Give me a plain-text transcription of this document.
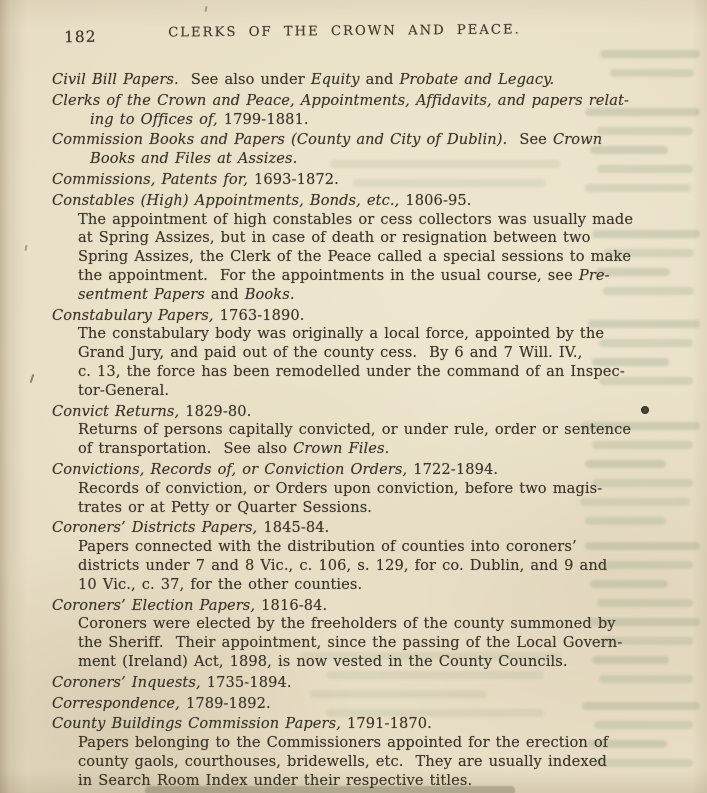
182	CLERKS OF THE CROWN AND PEACE.
Civil Bill Papers.  See also under Equity and Probate and Legacy.
Clerks of the Crown and Peace, Appointments, Affidavits, and papers relat-
ing to Offices of, 1799-1881.
Commission Books and Papers (County and City of Dublin).  See Crown
Books and Files at Assizes.
Commissions, Patents for, 1693-1872.
Constables (High) Appointments, Bonds, etc., 1806-95.
The appointment of high constables or cess collectors was usually made
at Spring Assizes, but in case of death or resignation between two
Spring Assizes, the Clerk of the Peace called a special sessions to make
the appointment.  For the appointments in the usual course, see Pre-
sentment Papers and Books.
Constabulary Papers, 1763-1890.
The constabulary body was originally a local force, appointed by the
Grand Jury, and paid out of the county cess.  By 6 and 7 Will. IV.,
c. 13, the force has been remodelled under the command of an Inspec-
tor-General.
Convict Returns, 1829-80.
Returns of persons capitally convicted, or under rule, order or sentence
of transportation.  See also Crown Files.
Convictions, Records of, or Conviction Orders, 1722-1894.
Records of conviction, or Orders upon conviction, before two magis-
trates or at Petty or Quarter Sessions.
Coroners’ Districts Papers, 1845-84.
Papers connected with the distribution of counties into coroners’
districts under 7 and 8 Vic., c. 106, s. 129, for co. Dublin, and 9 and
10 Vic., c. 37, for the other counties.
Coroners’ Election Papers, 1816-84.
Coroners were elected by the freeholders of the county summoned by
the Sheriff.  Their appointment, since the passing of the Local Govern-
ment (Ireland) Act, 1898, is now vested in the County Councils.
Coroners’ Inquests, 1735-1894.
Correspondence, 1789-1892.
County Buildings Commission Papers, 1791-1870.
Papers belonging to the Commissioners appointed for the erection of
county gaols, courthouses, bridewells, etc.  They are usually indexed
in Search Room Index under their respective titles.
